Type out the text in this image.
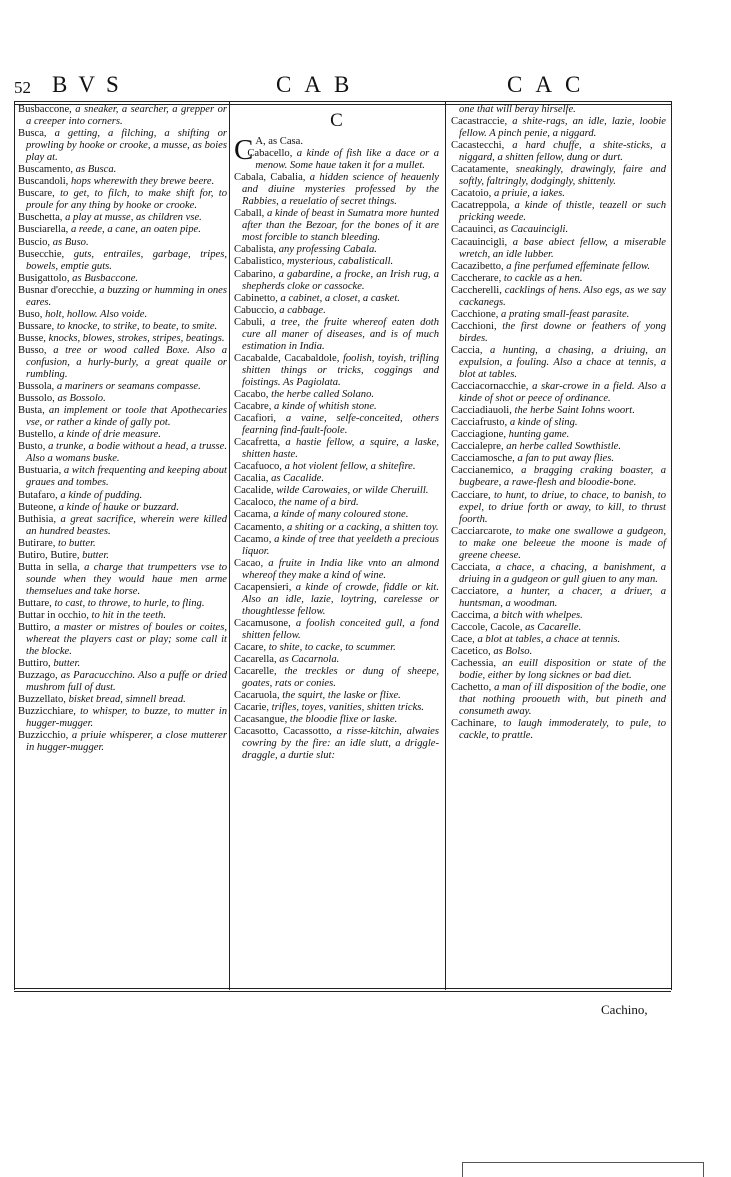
52 BVS	CAB	CAC

Busbaccone, a sneaker, a searcher, a grepper or a creeper into corners.

Busca, a getting, a filching, a shifting or prowling by hooke or crooke, a musse, as boies play at.

Buscamento, as Busca.

Buscandoli, hops wherewith they brewe beere.

Buscare, to get, to filch, to make shift for, to proule for any thing by hooke or crooke.

Buschetta, a play at musse, as children vse.

Busciarella, a reede, a cane, an oaten pipe.

Buscio, as Buso.

Busecchie, guts, entrailes, garbage, tripes, bowels, emptie guts.

Busigattolo, as Busbaccone.

Busnar d'orecchie, a buzzing or humming in ones eares.

Buso, holt, hollow. Also voide.

Bussare, to knocke, to strike, to beate, to smite.

Busse, knocks, blowes, strokes, stripes, beatings.

Busso, a tree or wood called Boxe. Also a confusion, a hurly-burly, a great quaile or rumbling.

Bussola, a mariners or seamans compasse.

Bussolo, as Bossolo.

Busta, an implement or toole that Apothecaries vse, or rather a kinde of gally pot.

Bustello, a kinde of drie measure.

Busto, a trunke, a bodie without a head, a trusse. Also a womans buske.

Bustuaria, a witch frequenting and keeping about graues and tombes.

Butafaro, a kinde of pudding.

Buteone, a kinde of hauke or buzzard.

Buthisia, a great sacrifice, wherein were killed an hundred beastes.

Butirare, to butter.

Butiro, Butire, butter.

Butta in sella, a charge that trumpetters vse to sounde when they would haue men arme themselues and take horse.

Buttare, to cast, to throwe, to hurle, to fling.

Buttar in occhio, to hit in the teeth.

Buttiro, a master or mistres of boules or coites, whereat the players cast or play; some call it the blocke.

Buttiro, butter.

Buzzago, as Paracucchino. Also a puffe or dried mushrom full of dust.

Buzzellato, bisket bread, simnell bread.

Buzzicchiare, to whisper, to buzze, to mutter in hugger-mugger.

Buzzicchio, a priuie whisperer, a close mutterer in hugger-mugger.

C

C A, as Casa.

Cabacello, a kinde of fish like a dace or a menow. Some haue taken it for a mullet.

Cabala, Cabalia, a hidden science of heauenly and diuine mysteries professed by the Rabbies, a reuelatio of secret things.

Caball, a kinde of beast in Sumatra more hunted after than the Bezoar, for the bones of it are most forcible to stanch bleeding.

Cabalista, any professing Cabala.

Cabalistico, mysterious, cabalisticall.

Cabarino, a gabardine, a frocke, an Irish rug, a shepherds cloke or cassocke.

Cabinetto, a cabinet, a closet, a casket.

Cabuccio, a cabbage.

Cabuli, a tree, the fruite whereof eaten doth cure all maner of diseases, and is of much estimation in India.

Cacabalde, Cacabaldole, foolish, toyish, trifling shitten things or tricks, coggings and foistings. As Pagiolata.

Cacabo, the herbe called Solano.

Cacabre, a kinde of whitish stone.

Cacafiori, a vaine, selfe-conceited, others fearning find-fault-foole.

Cacafretta, a hastie fellow, a squire, a laske, shitten haste.

Cacafuoco, a hot violent fellow, a shitefire.

Cacalia, as Cacalide.

Cacalide, wilde Carowaies, or wilde Cheruill.

Cacaloco, the name of a bird.

Cacama, a kinde of many coloured stone.

Cacamento, a shiting or a cacking, a shitten toy.

Cacamo, a kinde of tree that yeeldeth a precious liquor.

Cacao, a fruite in India like vnto an almond whereof they make a kind of wine.

Cacapensieri, a kinde of crowde, fiddle or kit. Also an idle, lazie, loytring, carelesse or thoughtlesse fellow.

Cacamusone, a foolish conceited gull, a fond shitten fellow.

Cacare, to shite, to cacke, to scummer.

Cacarella, as Cacarnola.

Cacarelle, the treckles or dung of sheepe, goates, rats or conies.

Cacaruola, the squirt, the laske or flixe.

Cacarie, trifles, toyes, vanities, shitten tricks.

Cacasangue, the bloodie flixe or laske.

Cacasotto, Cacassotto, a risse-kitchin, alwaies cowring by the fire: an idle slutt, a driggle-draggle, a durtie slut:

one that will beray hirselfe.

Cacastraccie, a shite-rags, an idle, lazie, loobie fellow. A pinch penie, a niggard.

Cacastecchi, a hard chuffe, a shite-sticks, a niggard, a shitten fellow, dung or durt.

Cacatamente, sneakingly, drawingly, faire and softly, faltringly, dodgingly, shittenly.

Cacatoio, a priuie, a iakes.

Cacatreppola, a kinde of thistle, teazell or such pricking weede.

Cacauinci, as Cacauincigli.

Cacauincigli, a base abiect fellow, a miserable wretch, an idle lubber.

Cacazibetto, a fine perfumed effeminate fellow.

Caccherare, to cackle as a hen.

Caccherelli, cacklings of hens. Also egs, as we say cackanegs.

Cacchione, a prating small-feast parasite.

Cacchioni, the first downe or feathers of yong birdes.

Caccia, a hunting, a chasing, a driuing, an expulsion, a fouling. Also a chace at tennis, a blot at tables.

Cacciacornacchie, a skar-crowe in a field. Also a kinde of shot or peece of ordinance.

Cacciadiauoli, the herbe Saint Iohns woort.

Cacciafrusto, a kinde of sling.

Cacciagione, hunting game.

Caccialepre, an herbe called Sowthistle.

Cacciamosche, a fan to put away flies.

Caccianemico, a bragging craking boaster, a bugbeare, a rawe-flesh and bloodie-bone.

Cacciare, to hunt, to driue, to chace, to banish, to expel, to driue forth or away, to kill, to thrust foorth.

Cacciarcarote, to make one swallowe a gudgeon, to make one beleeue the moone is made of greene cheese.

Cacciata, a chace, a chacing, a banishment, a driuing in a gudgeon or gull giuen to any man.

Cacciatore, a hunter, a chacer, a driuer, a huntsman, a woodman.

Caccima, a bitch with whelpes.

Caccole, Cacole, as Cacarelle.

Cace, a blot at tables, a chace at tennis.

Cacetico, as Bolso.

Cachessia, an euill disposition or state of the bodie, either by long sicknes or bad diet.

Cachetto, a man of ill disposition of the bodie, one that nothing prooueth with, but pineth and consumeth away.

Cachinare, to laugh immoderately, to pule, to cackle, to prattle.

Cachino,
